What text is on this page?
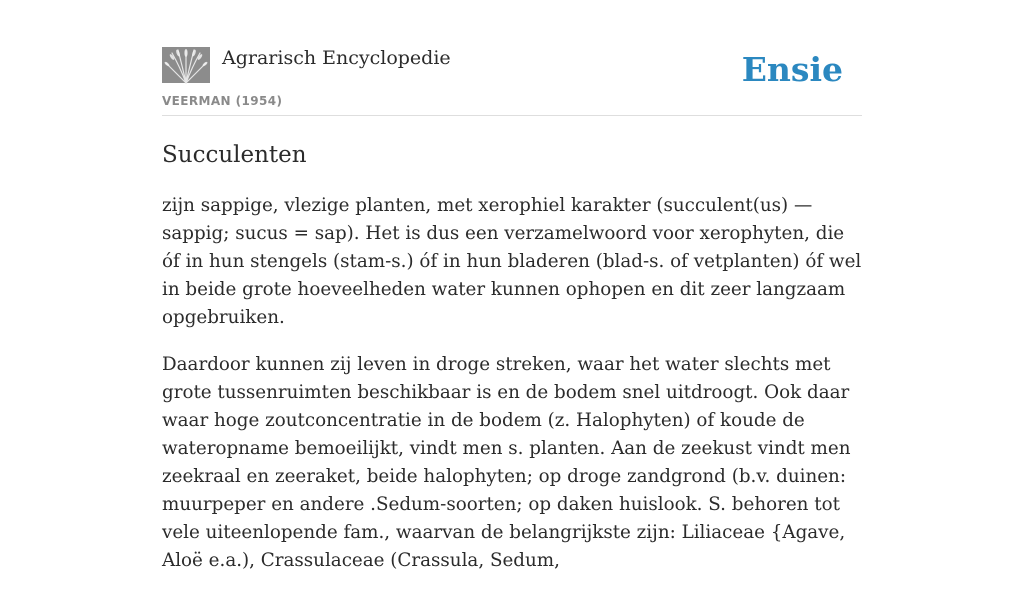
Agrarisch Encyclopedie
VEERMAN (1954)
Ensie
Succulenten

zijn sappige, vlezige planten, met xerophiel karakter (succulent(us) — sappig; sucus = sap). Het is dus een verzamelwoord voor xerophyten, die óf in hun stengels (stam-s.) óf in hun bladeren (blad-s. of vetplanten) óf wel in beide grote hoeveelheden water kunnen ophopen en dit zeer langzaam opgebruiken.

Daardoor kunnen zij leven in droge streken, waar het water slechts met grote tussenruimten beschikbaar is en de bodem snel uitdroogt. Ook daar waar hoge zoutconcentratie in de bodem (z. Halophyten) of koude de wateropname bemoeilijkt, vindt men s. planten. Aan de zeekust vindt men zeekraal en zeeraket, beide halophyten; op droge zandgrond (b.v. duinen: muurpeper en andere .Sedum-soorten; op daken huislook. S. behoren tot vele uiteenlopende fam., waarvan de belangrijkste zijn: Liliaceae {Agave, Aloë e.a.), Crassulaceae (Crassula, Sedum,
